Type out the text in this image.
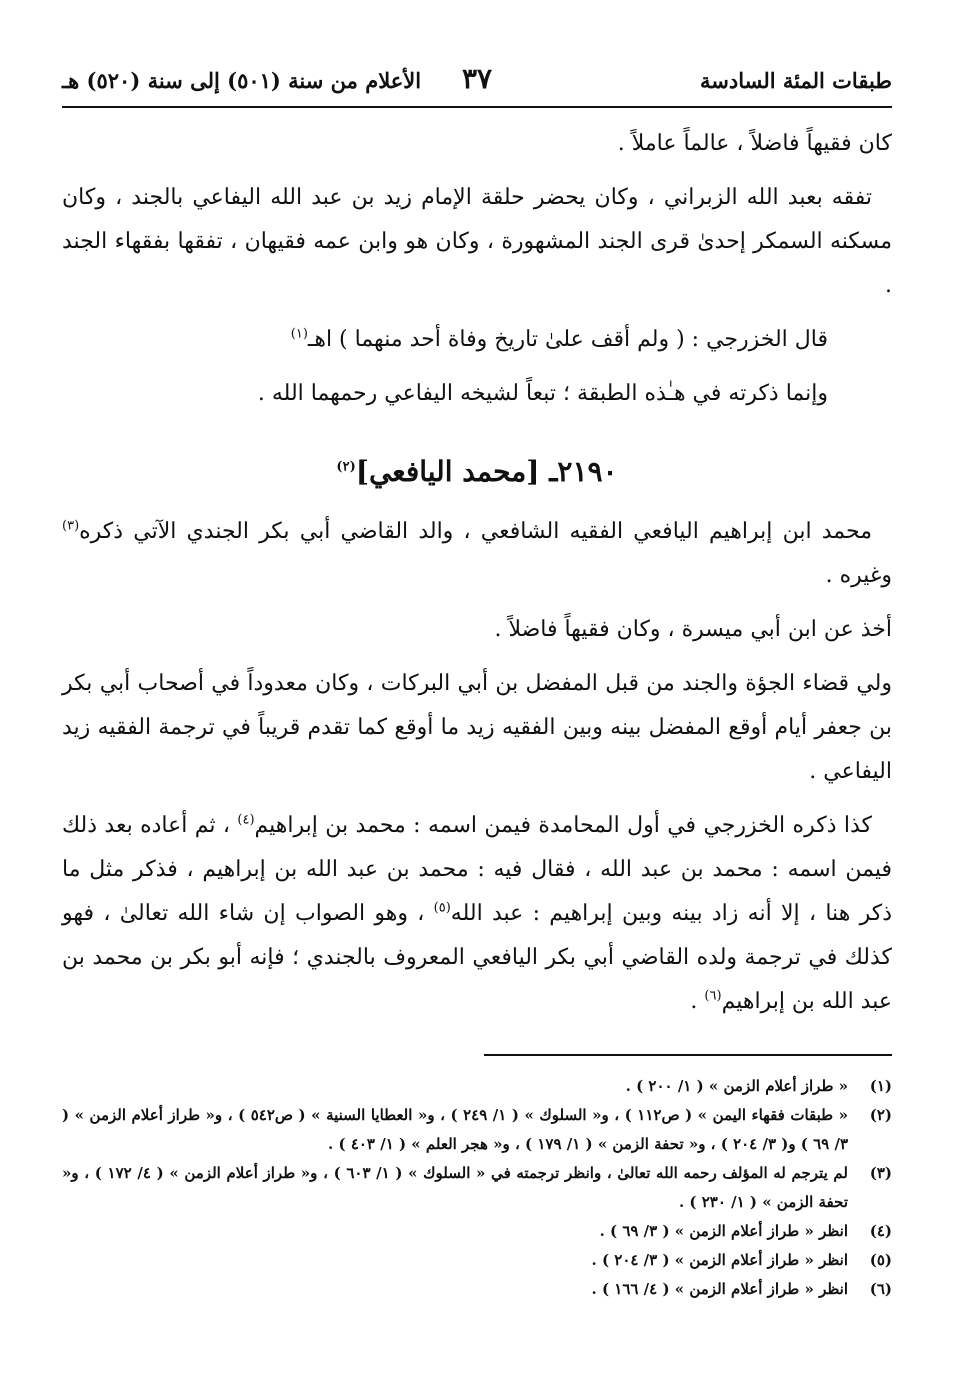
طبقات المئة السادسة
٣٧
الأعلام من سنة (٥٠١) إلى سنة (٥٢٠) هـ

كان فقيهاً فاضلاً ، عالماً عاملاً .

تفقه بعبد الله الزبراني ، وكان يحضر حلقة الإمام زيد بن عبد الله اليفاعي بالجند ، وكان مسكنه السمكر إحدىٰ قرى الجند المشهورة ، وكان هو وابن عمه فقيهان ، تفقها بفقهاء الجند .

قال الخزرجي : ( ولم أقف علىٰ تاريخ وفاة أحد منهما ) اهـ$^{(١)}$

وإنما ذكرته في هـٰذه الطبقة ؛ تبعاً لشيخه اليفاعي رحمهما الله .

٢١٩٠ـ [محمد اليافعي]$^{(٢)}$

محمد ابن إبراهيم اليافعي الفقيه الشافعي ، والد القاضي أبي بكر الجندي الآتي ذكره$^{(٣)}$ وغيره .

أخذ عن ابن أبي ميسرة ، وكان فقيهاً فاضلاً .

ولي قضاء الجؤة والجند من قبل المفضل بن أبي البركات ، وكان معدوداً في أصحاب أبي بكر بن جعفر أيام أوقع المفضل بينه وبين الفقيه زيد ما أوقع كما تقدم قريباً في ترجمة الفقيه زيد اليفاعي .

كذا ذكره الخزرجي في أول المحامدة فيمن اسمه : محمد بن إبراهيم$^{(٤)}$ ، ثم أعاده بعد ذلك فيمن اسمه : محمد بن عبد الله ، فقال فيه : محمد بن عبد الله بن إبراهيم ، فذكر مثل ما ذكر هنا ، إلا أنه زاد بينه وبين إبراهيم : عبد الله$^{(٥)}$ ، وهو الصواب إن شاء الله تعالىٰ ، فهو كذلك في ترجمة ولده القاضي أبي بكر اليافعي المعروف بالجندي ؛ فإنه أبو بكر بن محمد بن عبد الله بن إبراهيم$^{(٦)}$ .

(١)
« طراز أعلام الزمن » ( ١/ ٢٠٠ ) .
(٢)
« طبقات فقهاء اليمن » ( ص١١٢ ) ، و« السلوك » ( ١/ ٢٤٩ ) ، و« العطايا السنية » ( ص٥٤٢ ) ، و« طراز أعلام الزمن » ( ٣/ ٦٩ ) و( ٣/ ٢٠٤ ) ، و« تحفة الزمن » ( ١/ ١٧٩ ) ، و« هجر العلم » ( ١/ ٤٠٣ ) .
(٣)
لم يترجم له المؤلف رحمه الله تعالىٰ ، وانظر ترجمته في « السلوك » ( ١/ ٦٠٣ ) ، و« طراز أعلام الزمن » ( ٤/ ١٧٢ ) ، و« تحفة الزمن » ( ١/ ٢٣٠ ) .
(٤)
انظر « طراز أعلام الزمن » ( ٣/ ٦٩ ) .
(٥)
انظر « طراز أعلام الزمن » ( ٣/ ٢٠٤ ) .
(٦)
انظر « طراز أعلام الزمن » ( ٤/ ١٦٦ ) .
